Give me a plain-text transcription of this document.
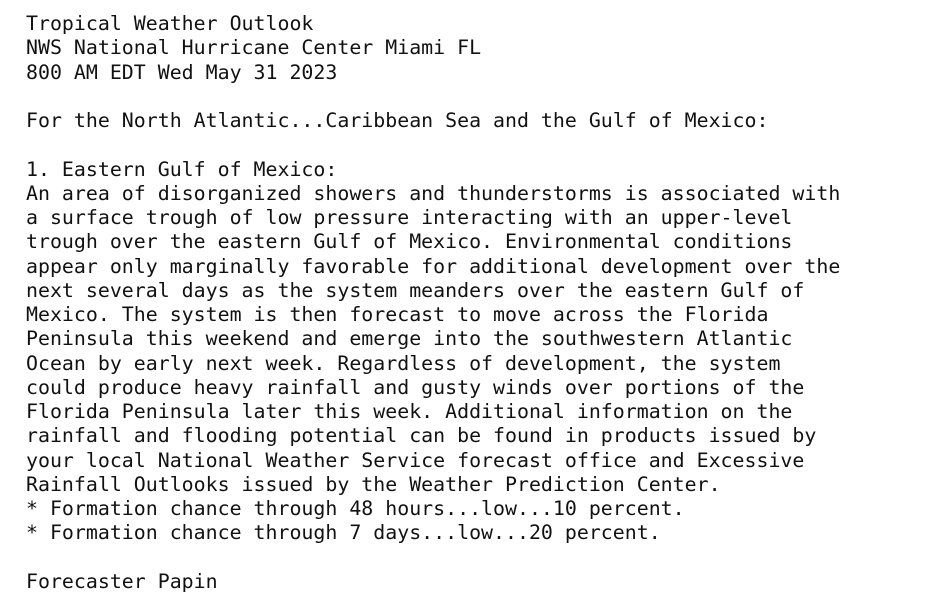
Tropical Weather Outlook
NWS National Hurricane Center Miami FL
800 AM EDT Wed May 31 2023
For the North Atlantic...Caribbean Sea and the Gulf of Mexico:
1. Eastern Gulf of Mexico:
An area of disorganized showers and thunderstorms is associated with
a surface trough of low pressure interacting with an upper-level
trough over the eastern Gulf of Mexico. Environmental conditions
appear only marginally favorable for additional development over the
next several days as the system meanders over the eastern Gulf of
Mexico. The system is then forecast to move across the Florida
Peninsula this weekend and emerge into the southwestern Atlantic
Ocean by early next week. Regardless of development, the system
could produce heavy rainfall and gusty winds over portions of the
Florida Peninsula later this week. Additional information on the
rainfall and flooding potential can be found in products issued by
your local National Weather Service forecast office and Excessive
Rainfall Outlooks issued by the Weather Prediction Center.
* Formation chance through 48 hours...low...10 percent.
* Formation chance through 7 days...low...20 percent.
Forecaster Papin
